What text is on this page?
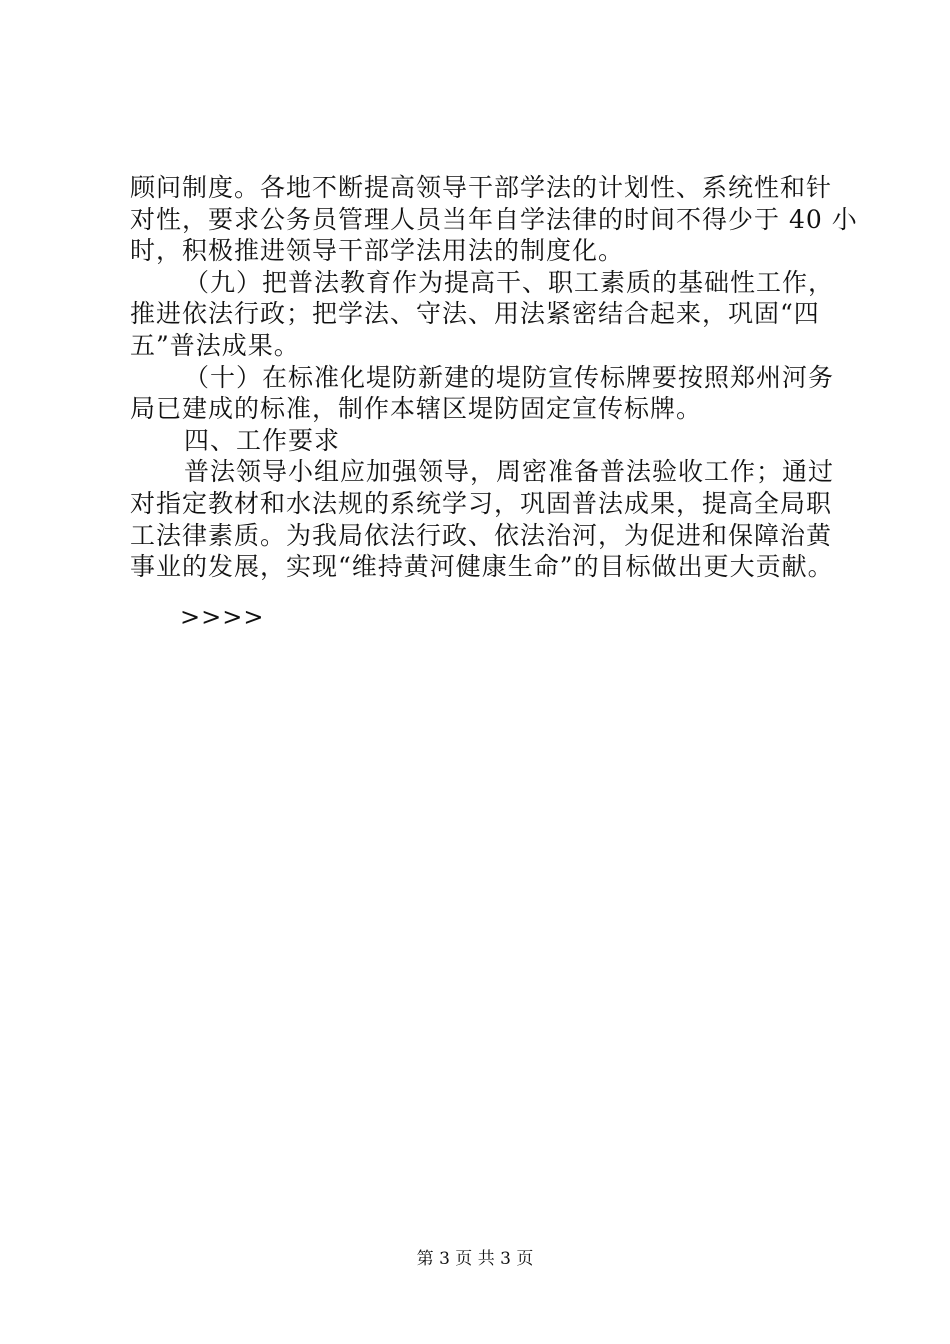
顾问制度。各地不断提高领导干部学法的计划性、系统性和针
对性，要求公务员管理人员当年自学法律的时间不得少于 40 小
时，积极推进领导干部学法用法的制度化。
（九）把普法教育作为提高干、职工素质的基础性工作，
推进依法行政；把学法、守法、用法紧密结合起来，巩固“四
五”普法成果。
（十）在标准化堤防新建的堤防宣传标牌要按照郑州河务
局已建成的标准，制作本辖区堤防固定宣传标牌。
四、工作要求
普法领导小组应加强领导，周密准备普法验收工作；通过
对指定教材和水法规的系统学习，巩固普法成果，提高全局职
工法律素质。为我局依法行政、依法治河，为促进和保障治黄
事业的发展，实现“维持黄河健康生命”的目标做出更大贡献。
>>>>
第 3 页 共 3 页
